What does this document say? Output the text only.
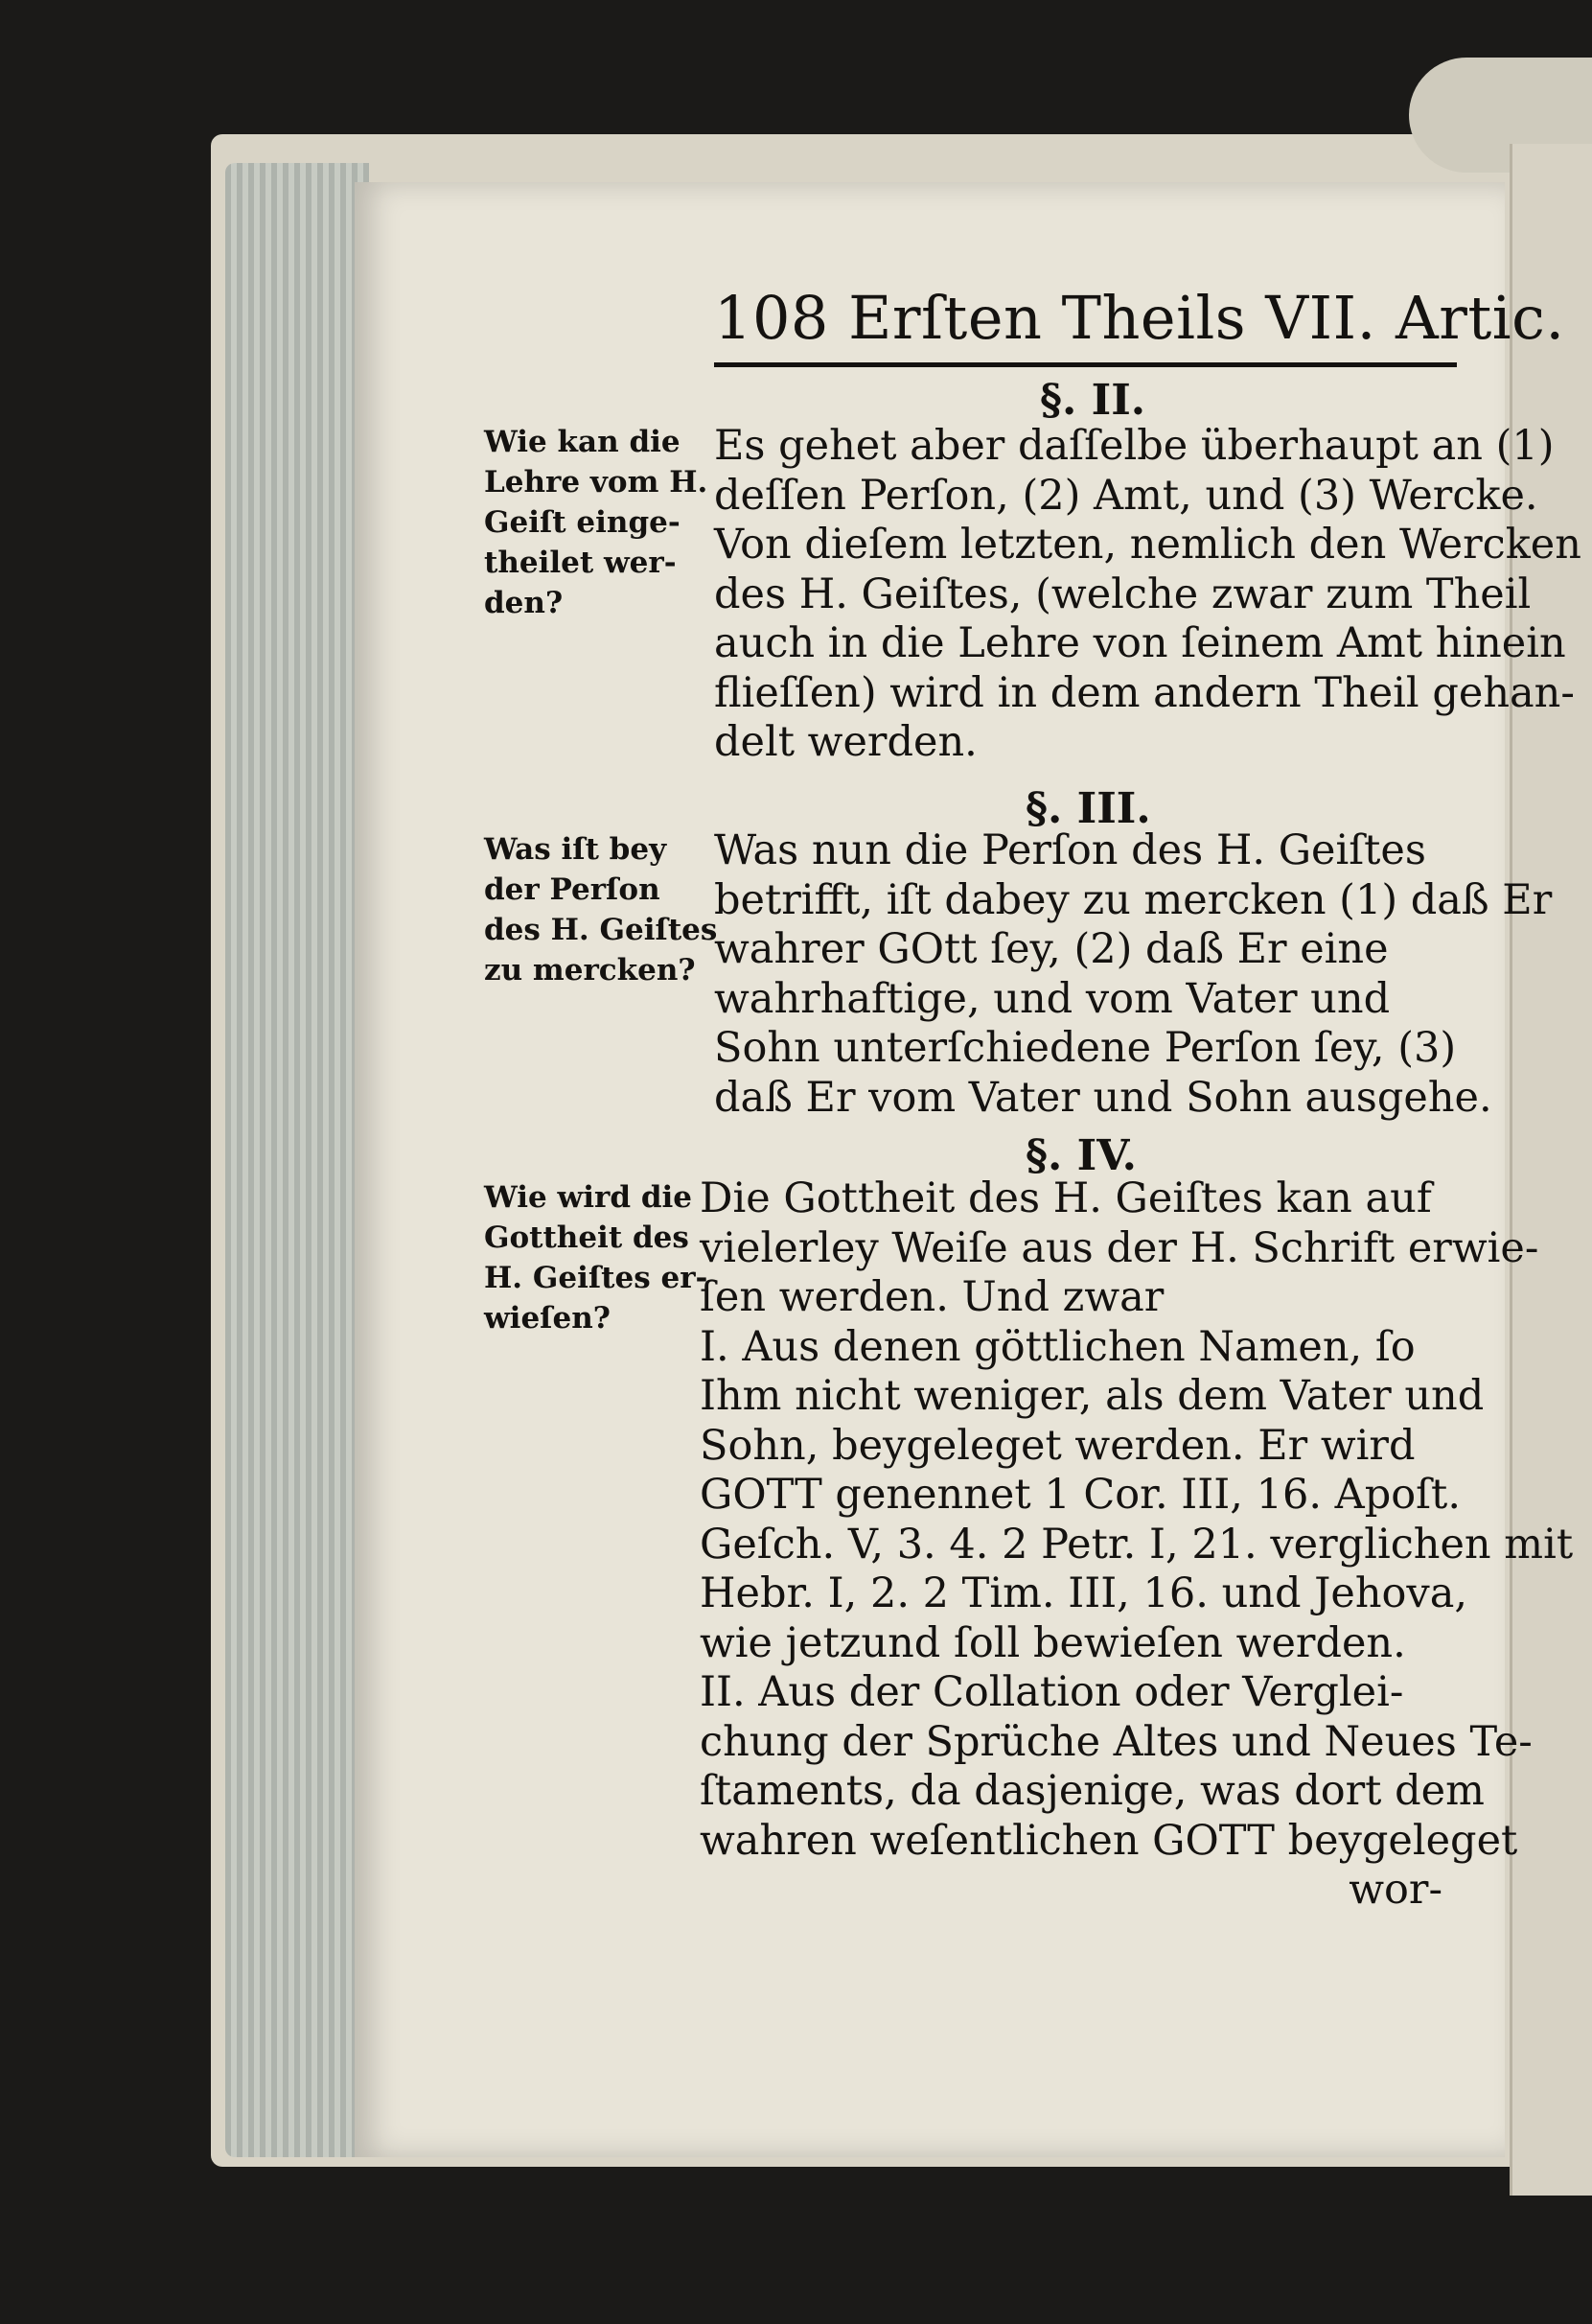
108 Erſten Theils VII. Artic.
§. II.
Wie kan die
Lehre vom H.
Geiſt einge-
theilet wer-
den?
Es gehet aber daſſelbe überhaupt an (1)
deſſen Perſon, (2) Amt, und (3) Wercke.
Von dieſem letzten, nemlich den Wercken
des H. Geiſtes, (welche zwar zum Theil
auch in die Lehre von ſeinem Amt hinein
flieſſen) wird in dem andern Theil gehan-
delt werden.
§. III.
Was iſt bey
der Perſon
des H. Geiſtes
zu mercken?
Was nun die Perſon des H. Geiſtes
betrifft, iſt dabey zu mercken (1) daß Er
wahrer GOtt ſey, (2) daß Er eine
wahrhaftige, und vom Vater und
Sohn unterſchiedene Perſon ſey, (3)
daß Er vom Vater und Sohn ausgehe.
§. IV.
Wie wird die
Gottheit des
H. Geiſtes er-
wieſen?
Die Gottheit des H. Geiſtes kan auf
vielerley Weiſe aus der H. Schrift erwie-
ſen werden. Und zwar
I. Aus denen göttlichen Namen, ſo
Ihm nicht weniger, als dem Vater und
Sohn, beygeleget werden. Er wird
GOTT genennet 1 Cor. III, 16. Apoſt.
Geſch. V, 3. 4. 2 Petr. I, 21. verglichen mit
Hebr. I, 2. 2 Tim. III, 16. und Jehova,
wie jetzund ſoll bewieſen werden.
II. Aus der Collation oder Verglei-
chung der Sprüche Altes und Neues Te-
ſtaments, da dasjenige, was dort dem
wahren weſentlichen GOTT beygeleget
wor-
